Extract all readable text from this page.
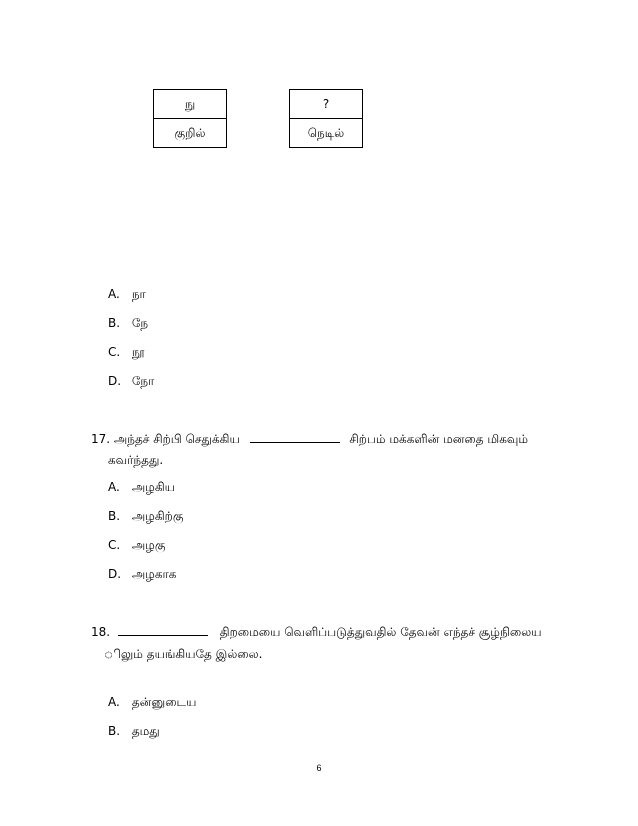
நு
குறில்
?
நெடில்
A. நா
B. நே
C. நூ
D. நோ
17. அந்தச் சிற்பி செதுக்கிய	சிற்பம் மக்களின் மனதை மிகவும்
கவர்ந்தது.
A. அழகிய
B. அழகிற்கு
C. அழகு
D. அழகாக
18.	திறமையை வெளிப்படுத்துவதில் தேவன் எந்தச் சூழ்நிலைய
ிலும் தயங்கியதே இல்லை.
A. தன்னுடைய
B. தமது
6
